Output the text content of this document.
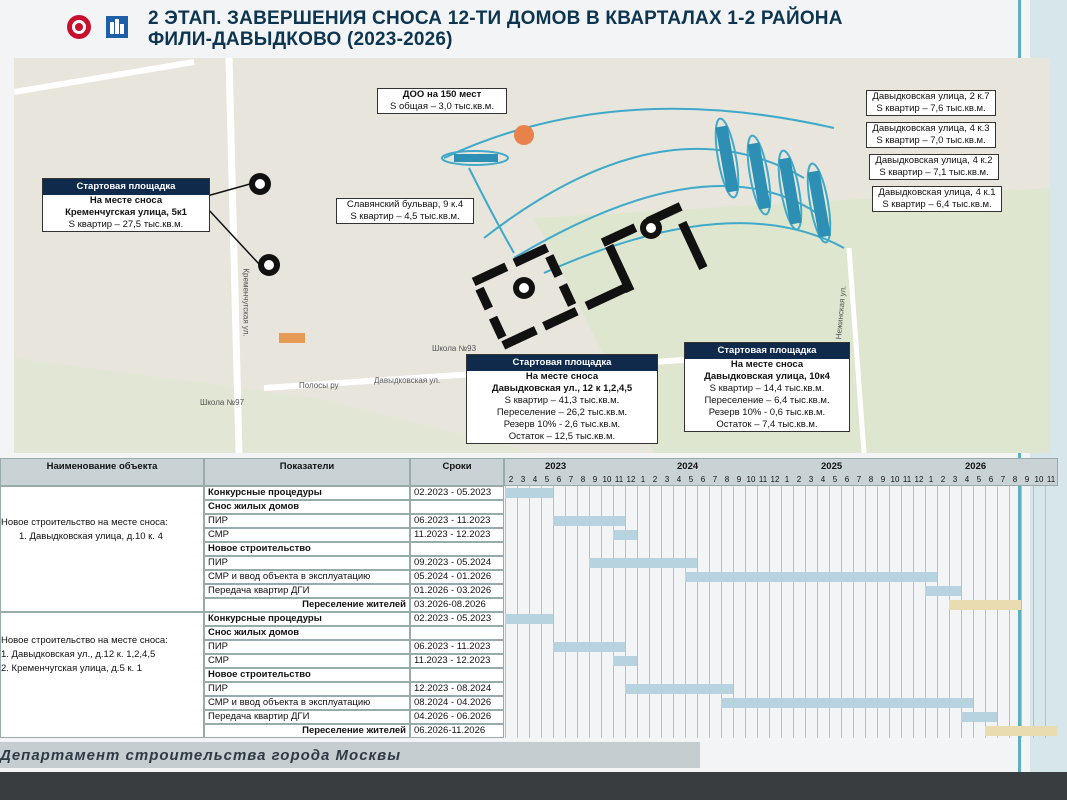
2 ЭТАП. ЗАВЕРШЕНИЯ СНОСА 12-ТИ ДОМОВ В КВАРТАЛАХ 1-2 РАЙОНА ФИЛИ-ДАВЫДКОВО (2023-2026)
Давыдковская ул.
Кременчугская ул.	Нежинская ул.
Полосы ру
Школа №97
Школа №93
ДОО на 150 мест
S общая – 3,0 тыс.кв.м.
Стартовая площадка
На месте сноса
Кременчугская улица, 5к1
S квартир – 27,5 тыс.кв.м.
Славянский бульвар, 9 к.4
S квартир – 4,5 тыс.кв.м.
Давыдковская улица, 2 к.7
S квартир – 7,6 тыс.кв.м.
Давыдковская улица, 4 к.3
S квартир – 7,0 тыс.кв.м.
Давыдковская улица, 4 к.2
S квартир – 7,1 тыс.кв.м.
Давыдковская улица, 4 к.1
S квартир – 6,4 тыс.кв.м.
Стартовая площадка
На месте сноса
Давыдковская ул., 12 к 1,2,4,5
S квартир – 41,3 тыс.кв.м.
Переселение – 26,2 тыс.кв.м.
Резерв 10% - 2,6 тыс.кв.м.
Остаток – 12,5 тыс.кв.м.
Стартовая площадка
На месте сноса
Давыдковская улица, 10к4
S квартир – 14,4 тыс.кв.м.
Переселение – 6,4 тыс.кв.м.
Резерв 10% - 0,6 тыс.кв.м.
Остаток – 7,4 тыс.кв.м.
Наименование объекта	Показатели	Сроки
Новое строительство на месте сноса:
1. Давыдковская улица, д.10 к. 4
Новое строительство на месте сноса:
1. Давыдковская ул., д.12 к. 1,2,4,5
2. Кременчугская улица, д.5 к. 1
2023	2024	2025	2026
2 3 4 5 6 7 8 9 10 11 12 1 2 3 4 5 6 7 8 9 10 11 12 1 2 3 4 5 6 7 8 9 10 11 12 1 2 3 4 5 6 7 8 9 10 11
Конкурсные процедуры	02.2023 - 05.2023
Снос жилых домов
ПИР	06.2023 - 11.2023
СМР	11.2023 - 12.2023
Новое строительство
ПИР	09.2023 - 05.2024
СМР и ввод объекта в эксплуатацию	05.2024 - 01.2026
Передача квартир ДГИ	01.2026 - 03.2026
Переселение жителей 03.2026-08.2026
Конкурсные процедуры	02.2023 - 05.2023
Снос жилых домов
ПИР	06.2023 - 11.2023
СМР	11.2023 - 12.2023
Новое строительство
ПИР	12.2023 - 08.2024
СМР и ввод объекта в эксплуатацию	08.2024 - 04.2026
Передача квартир ДГИ	04.2026 - 06.2026
Переселение жителей 06.2026-11.2026
Департамент строительства города Москвы
